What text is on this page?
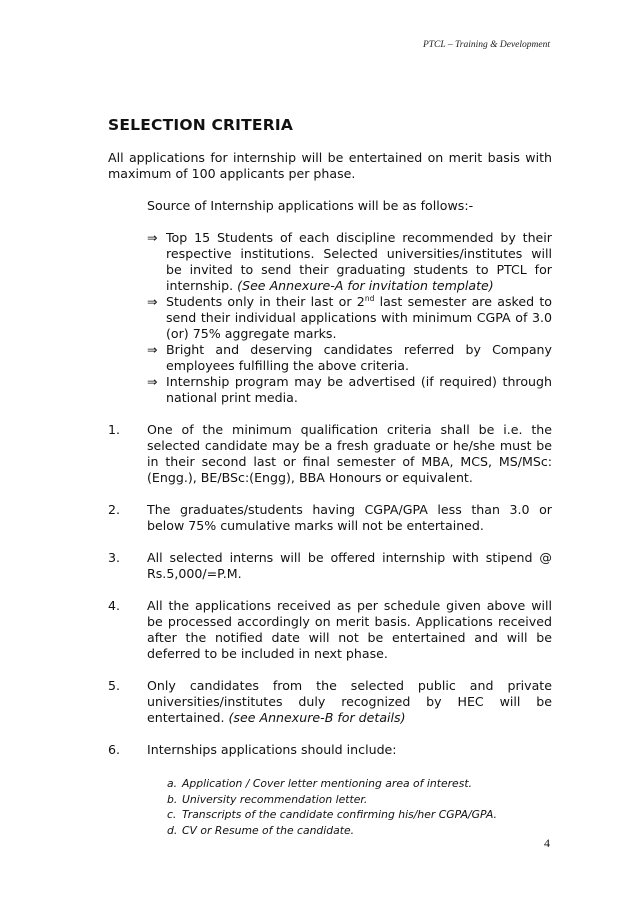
PTCL – Training & Development
SELECTION CRITERIA
All applications for internship will be entertained on merit basis with maximum of 100 applicants per phase.
Source of Internship applications will be as follows:-
⇒ Top 15 Students of each discipline recommended by their respective institutions. Selected universities/institutes will be invited to send their graduating students to PTCL for internship. (See Annexure-A for invitation template)
⇒ Students only in their last or 2nd last semester are asked to send their individual applications with minimum CGPA of 3.0 (or) 75% aggregate marks.
⇒ Bright and deserving candidates referred by Company employees fulfilling the above criteria.
⇒ Internship program may be advertised (if required) through national print media.
1. One of the minimum qualification criteria shall be i.e. the selected candidate may be a fresh graduate or he/she must be in their second last or final semester of MBA, MCS, MS/MSc:(Engg.), BE/BSc:(Engg), BBA Honours or equivalent.
2. The graduates/students having CGPA/GPA less than 3.0 or below 75% cumulative marks will not be entertained.
3. All selected interns will be offered internship with stipend @ Rs.5,000/=P.M.
4. All the applications received as per schedule given above will be processed accordingly on merit basis. Applications received after the notified date will not be entertained and will be deferred to be included in next phase.
5. Only candidates from the selected public and private universities/institutes duly recognized by HEC will be entertained. (see Annexure-B for details)
6. Internships applications should include:
a. Application / Cover letter mentioning area of interest.
b. University recommendation letter.
c. Transcripts of the candidate confirming his/her CGPA/GPA.
d. CV or Resume of the candidate.
4
